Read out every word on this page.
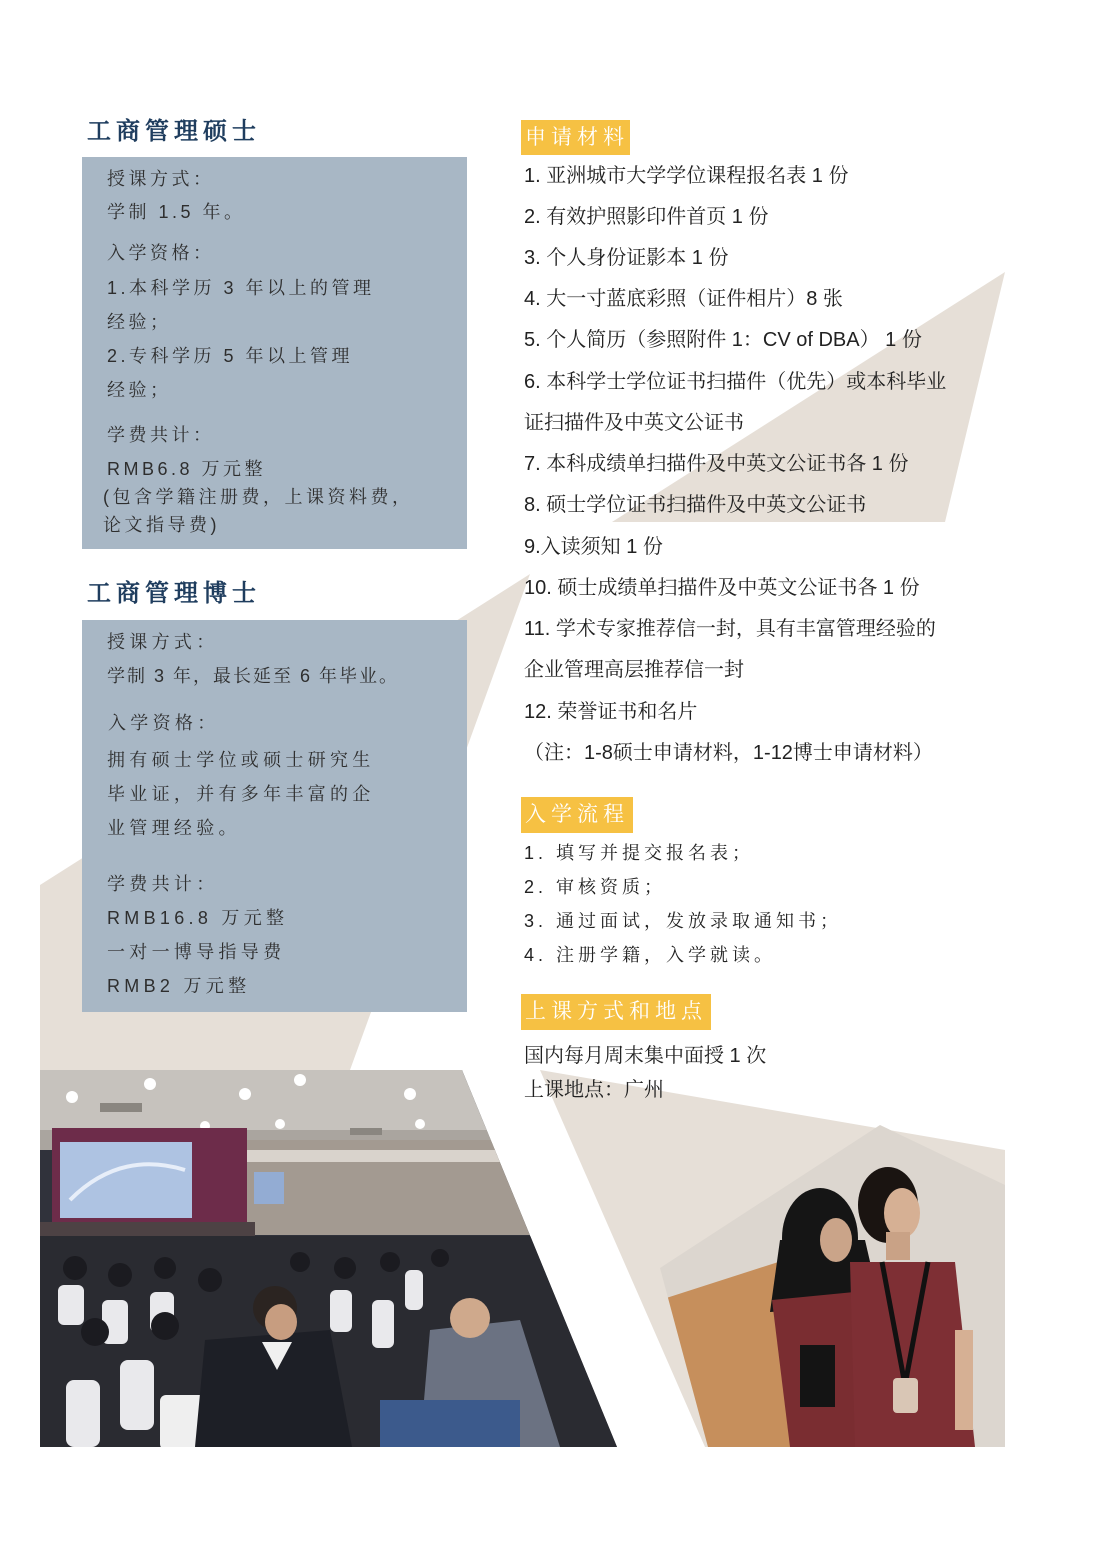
工商管理硕士
授课方式：
学制 1.5 年。
入学资格：
1.本科学历 3 年以上的管理
经验；
2.专科学历 5 年以上管理
经验；
学费共计：
RMB6.8 万元整
(包含学籍注册费，上课资料费，
论文指导费)
工商管理博士
授课方式：
学制 3 年，最长延至 6 年毕业。
入学资格：
拥有硕士学位或硕士研究生
毕业证，并有多年丰富的企
业管理经验。
学费共计：
RMB16.8 万元整
一对一博导指导费
RMB2 万元整
申请材料
1. 亚洲城市大学学位课程报名表 1 份
2. 有效护照影印件首页 1 份
3. 个人身份证影本 1 份
4. 大一寸蓝底彩照（证件相片）8 张
5. 个人简历（参照附件 1：CV of DBA） 1 份
6. 本科学士学位证书扫描件（优先）或本科毕业
证扫描件及中英文公证书
7. 本科成绩单扫描件及中英文公证书各 1 份
8. 硕士学位证书扫描件及中英文公证书
9.入读须知 1 份
10. 硕士成绩单扫描件及中英文公证书各 1 份
11. 学术专家推荐信一封，具有丰富管理经验的
企业管理高层推荐信一封
12. 荣誉证书和名片
（注：1-8硕士申请材料，1-12博士申请材料）
入学流程
1. 填写并提交报名表；
2. 审核资质；
3. 通过面试，发放录取通知书；
4. 注册学籍，入学就读。
上课方式和地点
国内每月周末集中面授 1 次
上课地点：广州
